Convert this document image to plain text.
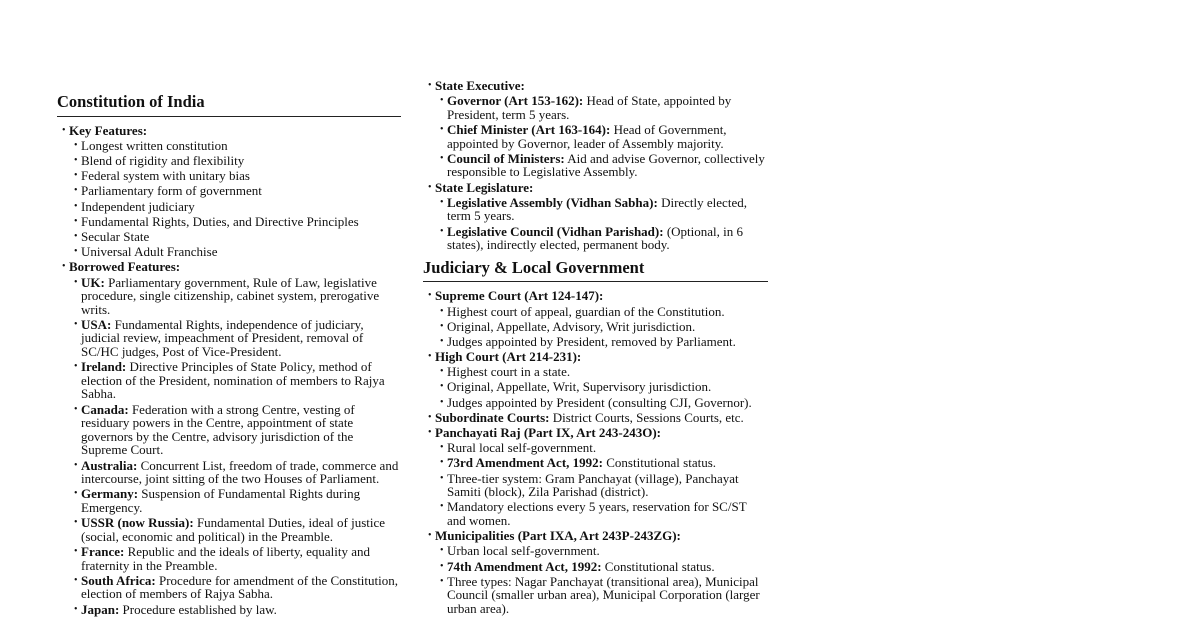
Constitution of India
• Key Features:
• Longest written constitution
• Blend of rigidity and flexibility
• Federal system with unitary bias
• Parliamentary form of government
• Independent judiciary
• Fundamental Rights, Duties, and Directive Principles
• Secular State
• Universal Adult Franchise
• Borrowed Features:
• UK: Parliamentary government, Rule of Law, legislative procedure, single citizenship, cabinet system, prerogative writs.
• USA: Fundamental Rights, independence of judiciary, judicial review, impeachment of President, removal of SC/HC judges, Post of Vice-President.
• Ireland: Directive Principles of State Policy, method of election of the President, nomination of members to Rajya Sabha.
• Canada: Federation with a strong Centre, vesting of residuary powers in the Centre, appointment of state governors by the Centre, advisory jurisdiction of the Supreme Court.
• Australia: Concurrent List, freedom of trade, commerce and intercourse, joint sitting of the two Houses of Parliament.
• Germany: Suspension of Fundamental Rights during Emergency.
• USSR (now Russia): Fundamental Duties, ideal of justice (social, economic and political) in the Preamble.
• France: Republic and the ideals of liberty, equality and fraternity in the Preamble.
• South Africa: Procedure for amendment of the Constitution, election of members of Rajya Sabha.
• Japan: Procedure established by law.
• State Executive:
• Governor (Art 153-162): Head of State, appointed by President, term 5 years.
• Chief Minister (Art 163-164): Head of Government, appointed by Governor, leader of Assembly majority.
• Council of Ministers: Aid and advise Governor, collectively responsible to Legislative Assembly.
• State Legislature:
• Legislative Assembly (Vidhan Sabha): Directly elected, term 5 years.
• Legislative Council (Vidhan Parishad): (Optional, in 6 states), indirectly elected, permanent body.
Judiciary & Local Government
• Supreme Court (Art 124-147):
• Highest court of appeal, guardian of the Constitution.
• Original, Appellate, Advisory, Writ jurisdiction.
• Judges appointed by President, removed by Parliament.
• High Court (Art 214-231):
• Highest court in a state.
• Original, Appellate, Writ, Supervisory jurisdiction.
• Judges appointed by President (consulting CJI, Governor).
• Subordinate Courts: District Courts, Sessions Courts, etc.
• Panchayati Raj (Part IX, Art 243-243O):
• Rural local self-government.
• 73rd Amendment Act, 1992: Constitutional status.
• Three-tier system: Gram Panchayat (village), Panchayat Samiti (block), Zila Parishad (district).
• Mandatory elections every 5 years, reservation for SC/ST and women.
• Municipalities (Part IXA, Art 243P-243ZG):
• Urban local self-government.
• 74th Amendment Act, 1992: Constitutional status.
• Three types: Nagar Panchayat (transitional area), Municipal Council (smaller urban area), Municipal Corporation (larger urban area).
